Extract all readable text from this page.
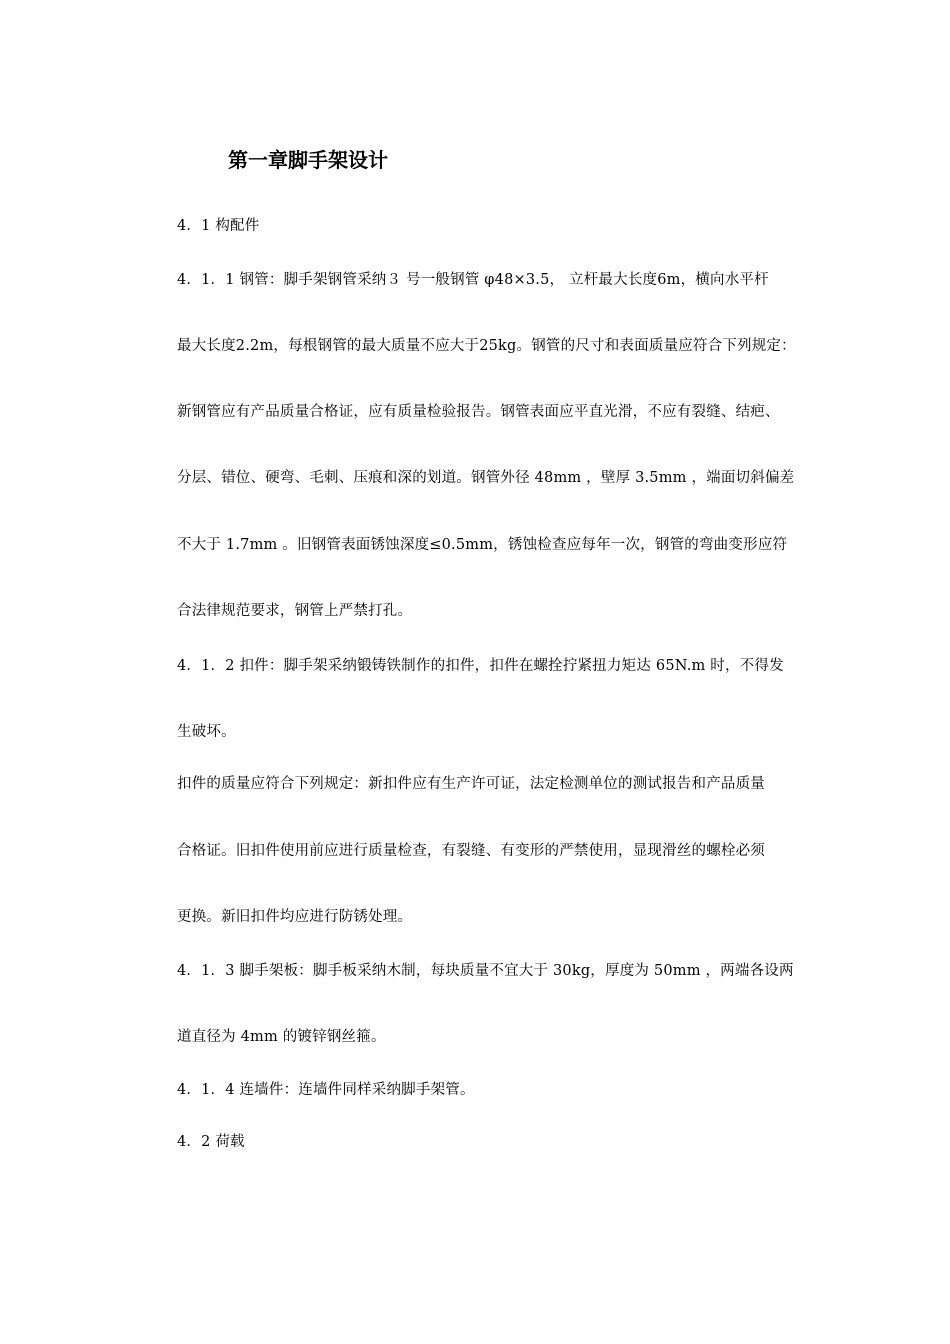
第一章脚手架设计
4．1 构配件
4．1．1 钢管：脚手架钢管采纳３ 号一般钢管 φ48×3.5， 立杆最大长度6m，横向水平杆
最大长度2.2m，每根钢管的最大质量不应大于25kg。钢管的尺寸和表面质量应符合下列规定：
新钢管应有产品质量合格证，应有质量检验报告。钢管表面应平直光滑，不应有裂缝、结疤、
分层、错位、硬弯、毛刺、压痕和深的划道。钢管外径 48mm ，壁厚 3.5mm ，端面切斜偏差
不大于 1.7mm 。旧钢管表面锈蚀深度≤0.5mm，锈蚀检查应每年一次，钢管的弯曲变形应符
合法律规范要求，钢管上严禁打孔。
4．1．2 扣件：脚手架采纳锻铸铁制作的扣件，扣件在螺拴拧紧扭力矩达 65N.m 时，不得发
生破坏。
扣件的质量应符合下列规定：新扣件应有生产许可证，法定检测单位的测试报告和产品质量
合格证。旧扣件使用前应进行质量检查，有裂缝、有变形的严禁使用，显现滑丝的螺栓必须
更换。新旧扣件均应进行防锈处理。
4．1．3 脚手架板：脚手板采纳木制，每块质量不宜大于 30kg，厚度为 50mm ，两端各设两
道直径为 4mm 的镀锌钢丝箍。
4．1．4 连墙件：连墙件同样采纳脚手架管。
4．2 荷载
